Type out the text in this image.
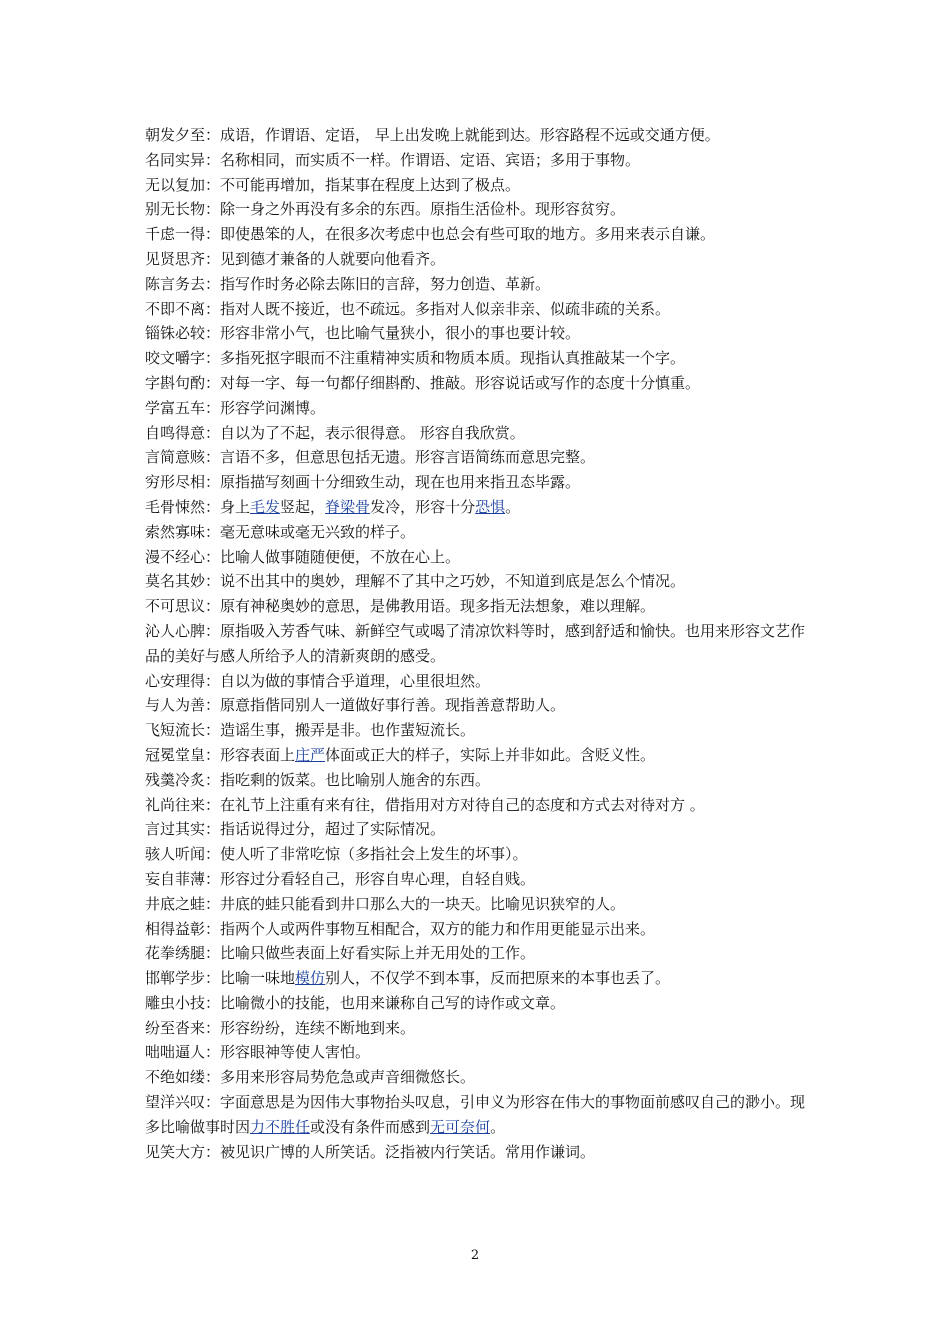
朝发夕至：成语，作谓语、定语， 早上出发晚上就能到达。形容路程不远或交通方便。

名同实异：名称相同，而实质不一样。作谓语、定语、宾语；多用于事物。

无以复加：不可能再增加，指某事在程度上达到了极点。

别无长物：除一身之外再没有多余的东西。原指生活俭朴。现形容贫穷。

千虑一得：即使愚笨的人，在很多次考虑中也总会有些可取的地方。多用来表示自谦。

见贤思齐：见到德才兼备的人就要向他看齐。

陈言务去：指写作时务必除去陈旧的言辞，努力创造、革新。

不即不离：指对人既不接近，也不疏远。多指对人似亲非亲、似疏非疏的关系。

锱铢必较：形容非常小气，也比喻气量狭小，很小的事也要计较。

咬文嚼字：多指死抠字眼而不注重精神实质和物质本质。现指认真推敲某一个字。

字斟句酌：对每一字、每一句都仔细斟酌、推敲。形容说话或写作的态度十分慎重。

学富五车：形容学问渊博。

自鸣得意：自以为了不起，表示很得意。 形容自我欣赏。

言简意赅：言语不多，但意思包括无遗。形容言语简练而意思完整。

穷形尽相：原指描写刻画十分细致生动，现在也用来指丑态毕露。

毛骨悚然：身上毛发竖起，脊梁骨发冷，形容十分恐惧。

索然寡味：毫无意味或毫无兴致的样子。

漫不经心：比喻人做事随随便便，不放在心上。

莫名其妙：说不出其中的奥妙，理解不了其中之巧妙，不知道到底是怎么个情况。

不可思议：原有神秘奥妙的意思，是佛教用语。现多指无法想象，难以理解。

沁人心脾：原指吸入芳香气味、新鲜空气或喝了清凉饮料等时，感到舒适和愉快。也用来形容文艺作品的美好与感人所给予人的清新爽朗的感受。

心安理得：自以为做的事情合乎道理，心里很坦然。

与人为善：原意指偕同别人一道做好事行善。现指善意帮助人。

飞短流长：造谣生事，搬弄是非。也作蜚短流长。

冠冕堂皇：形容表面上庄严体面或正大的样子，实际上并非如此。含贬义性。

残羹冷炙：指吃剩的饭菜。也比喻别人施舍的东西。

礼尚往来：在礼节上注重有来有往，借指用对方对待自己的态度和方式去对待对方 。

言过其实：指话说得过分，超过了实际情况。

骇人听闻：使人听了非常吃惊（多指社会上发生的坏事）。

妄自菲薄：形容过分看轻自己，形容自卑心理，自轻自贱。

井底之蛙：井底的蛙只能看到井口那么大的一块天。比喻见识狭窄的人。

相得益彰：指两个人或两件事物互相配合，双方的能力和作用更能显示出来。

花拳绣腿：比喻只做些表面上好看实际上并无用处的工作。

邯郸学步：比喻一味地模仿别人，不仅学不到本事，反而把原来的本事也丢了。

雕虫小技：比喻微小的技能，也用来谦称自己写的诗作或文章。

纷至沓来：形容纷纷，连续不断地到来。

咄咄逼人：形容眼神等使人害怕。

不绝如缕：多用来形容局势危急或声音细微悠长。

望洋兴叹：字面意思是为因伟大事物抬头叹息，引申义为形容在伟大的事物面前感叹自己的渺小。现多比喻做事时因力不胜任或没有条件而感到无可奈何。

见笑大方：被见识广博的人所笑话。泛指被内行笑话。常用作谦词。

2
